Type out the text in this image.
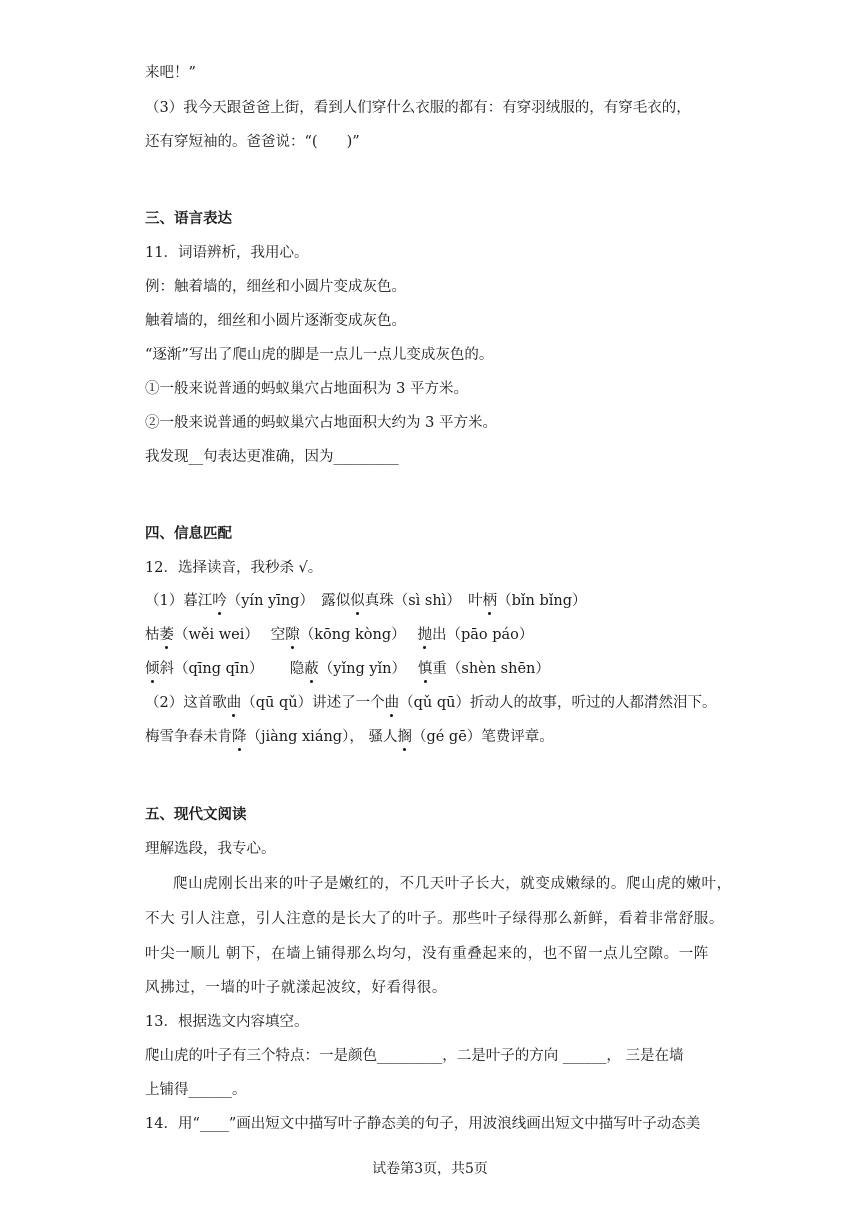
来吧！”
（3）我今天跟爸爸上街，看到人们穿什么衣服的都有：有穿羽绒服的，有穿毛衣的，
还有穿短袖的。爸爸说：“(　　)”
三、语言表达
11．词语辨析，我用心。
例：触着墙的，细丝和小圆片变成灰色。
触着墙的，细丝和小圆片逐渐变成灰色。
“逐渐”写出了爬山虎的脚是一点儿一点儿变成灰色的。
①一般来说普通的蚂蚁巢穴占地面积为 3 平方米。
②一般来说普通的蚂蚁巢穴占地面积大约为 3 平方米。
我发现__句表达更准确，因为_________
四、信息匹配
12．选择读音，我秒杀 √。
（1）暮江吟（yín yīng）　露似似真珠（sì shì）　叶柄（bǐn bǐng）
枯萎（wěi wei）　 空隙（kōng kòng）　 抛出（pāo páo）
倾斜（qīng qīn）　　 隐蔽（yǐng yǐn）　 慎重（shèn shēn）
（2）这首歌曲（qū qǔ）讲述了一个曲（qǔ qū）折动人的故事，听过的人都潸然泪下。
梅雪争春未肯降（jiàng xiáng）， 骚人搁（gé gē）笔费评章。
五、现代文阅读
理解选段，我专心。
爬山虎刚长出来的叶子是嫩红的，不几天叶子长大，就变成嫩绿的。爬山虎的嫩叶，
不大 引人注意，引人注意的是长大了的叶子。那些叶子绿得那么新鲜，看着非常舒服。
叶尖一顺儿 朝下，在墙上铺得那么均匀，没有重叠起来的，也不留一点儿空隙。一阵
风拂过，一墙的叶子就漾起波纹，好看得很。
13．根据选文内容填空。
爬山虎的叶子有三个特点：一是颜色_________，二是叶子的方向 ______， 三是在墙
上铺得______。
14．用“____”画出短文中描写叶子静态美的句子，用波浪线画出短文中描写叶子动态美
试卷第3页，共5页
